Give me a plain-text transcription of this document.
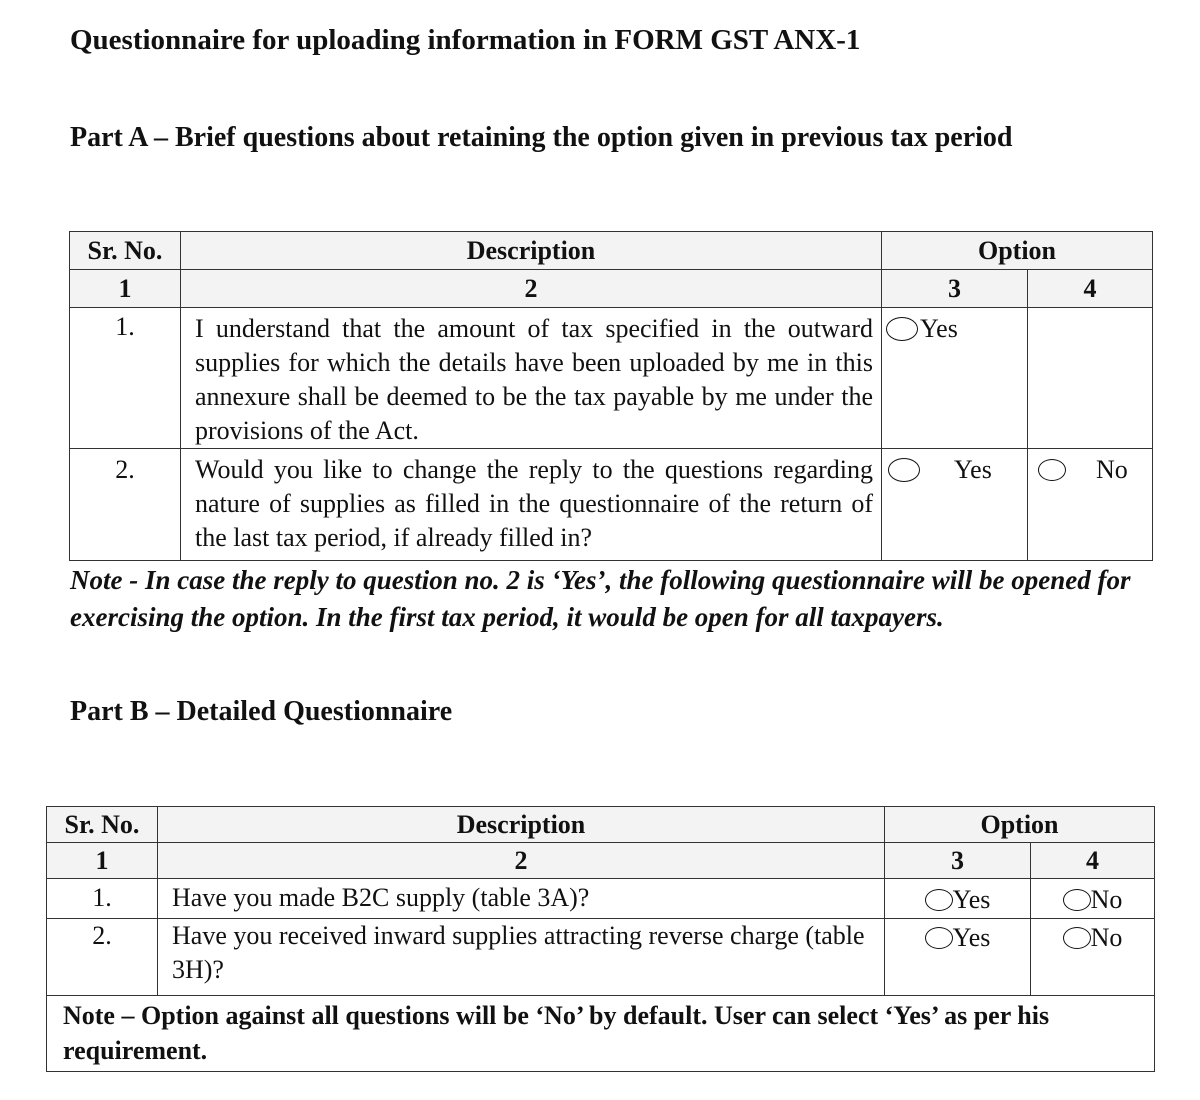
Questionnaire for uploading information in FORM GST ANX-1
Part A – Brief questions about retaining the option given in previous tax period
Sr. No.	Description	Option	
1	2	3	4
1.	I understand that the amount of tax specified in the outward supplies for which the details have been uploaded by me in this annexure shall be deemed to be the tax payable by me under the provisions of the Act.	Yes	

2.	Would you like to change the reply to the questions regarding nature of supplies as filled in the questionnaire of the return of the last tax period, if already filled in?	Yes	No
Note - In case the reply to question no. 2 is ‘Yes’, the following questionnaire will be opened for exercising the option. In the first tax period, it would be open for all taxpayers.
Part B – Detailed Questionnaire
Sr. No.	Description	Option	
1	2	3	4
1.	Have you made B2C supply (table 3A)?	Yes	No

2.	Have you received inward supplies attracting reverse charge (table 3H)?	Yes	No

Note – Option against all questions will be ‘No’ by default. User can select ‘Yes’ as per his requirement.			
